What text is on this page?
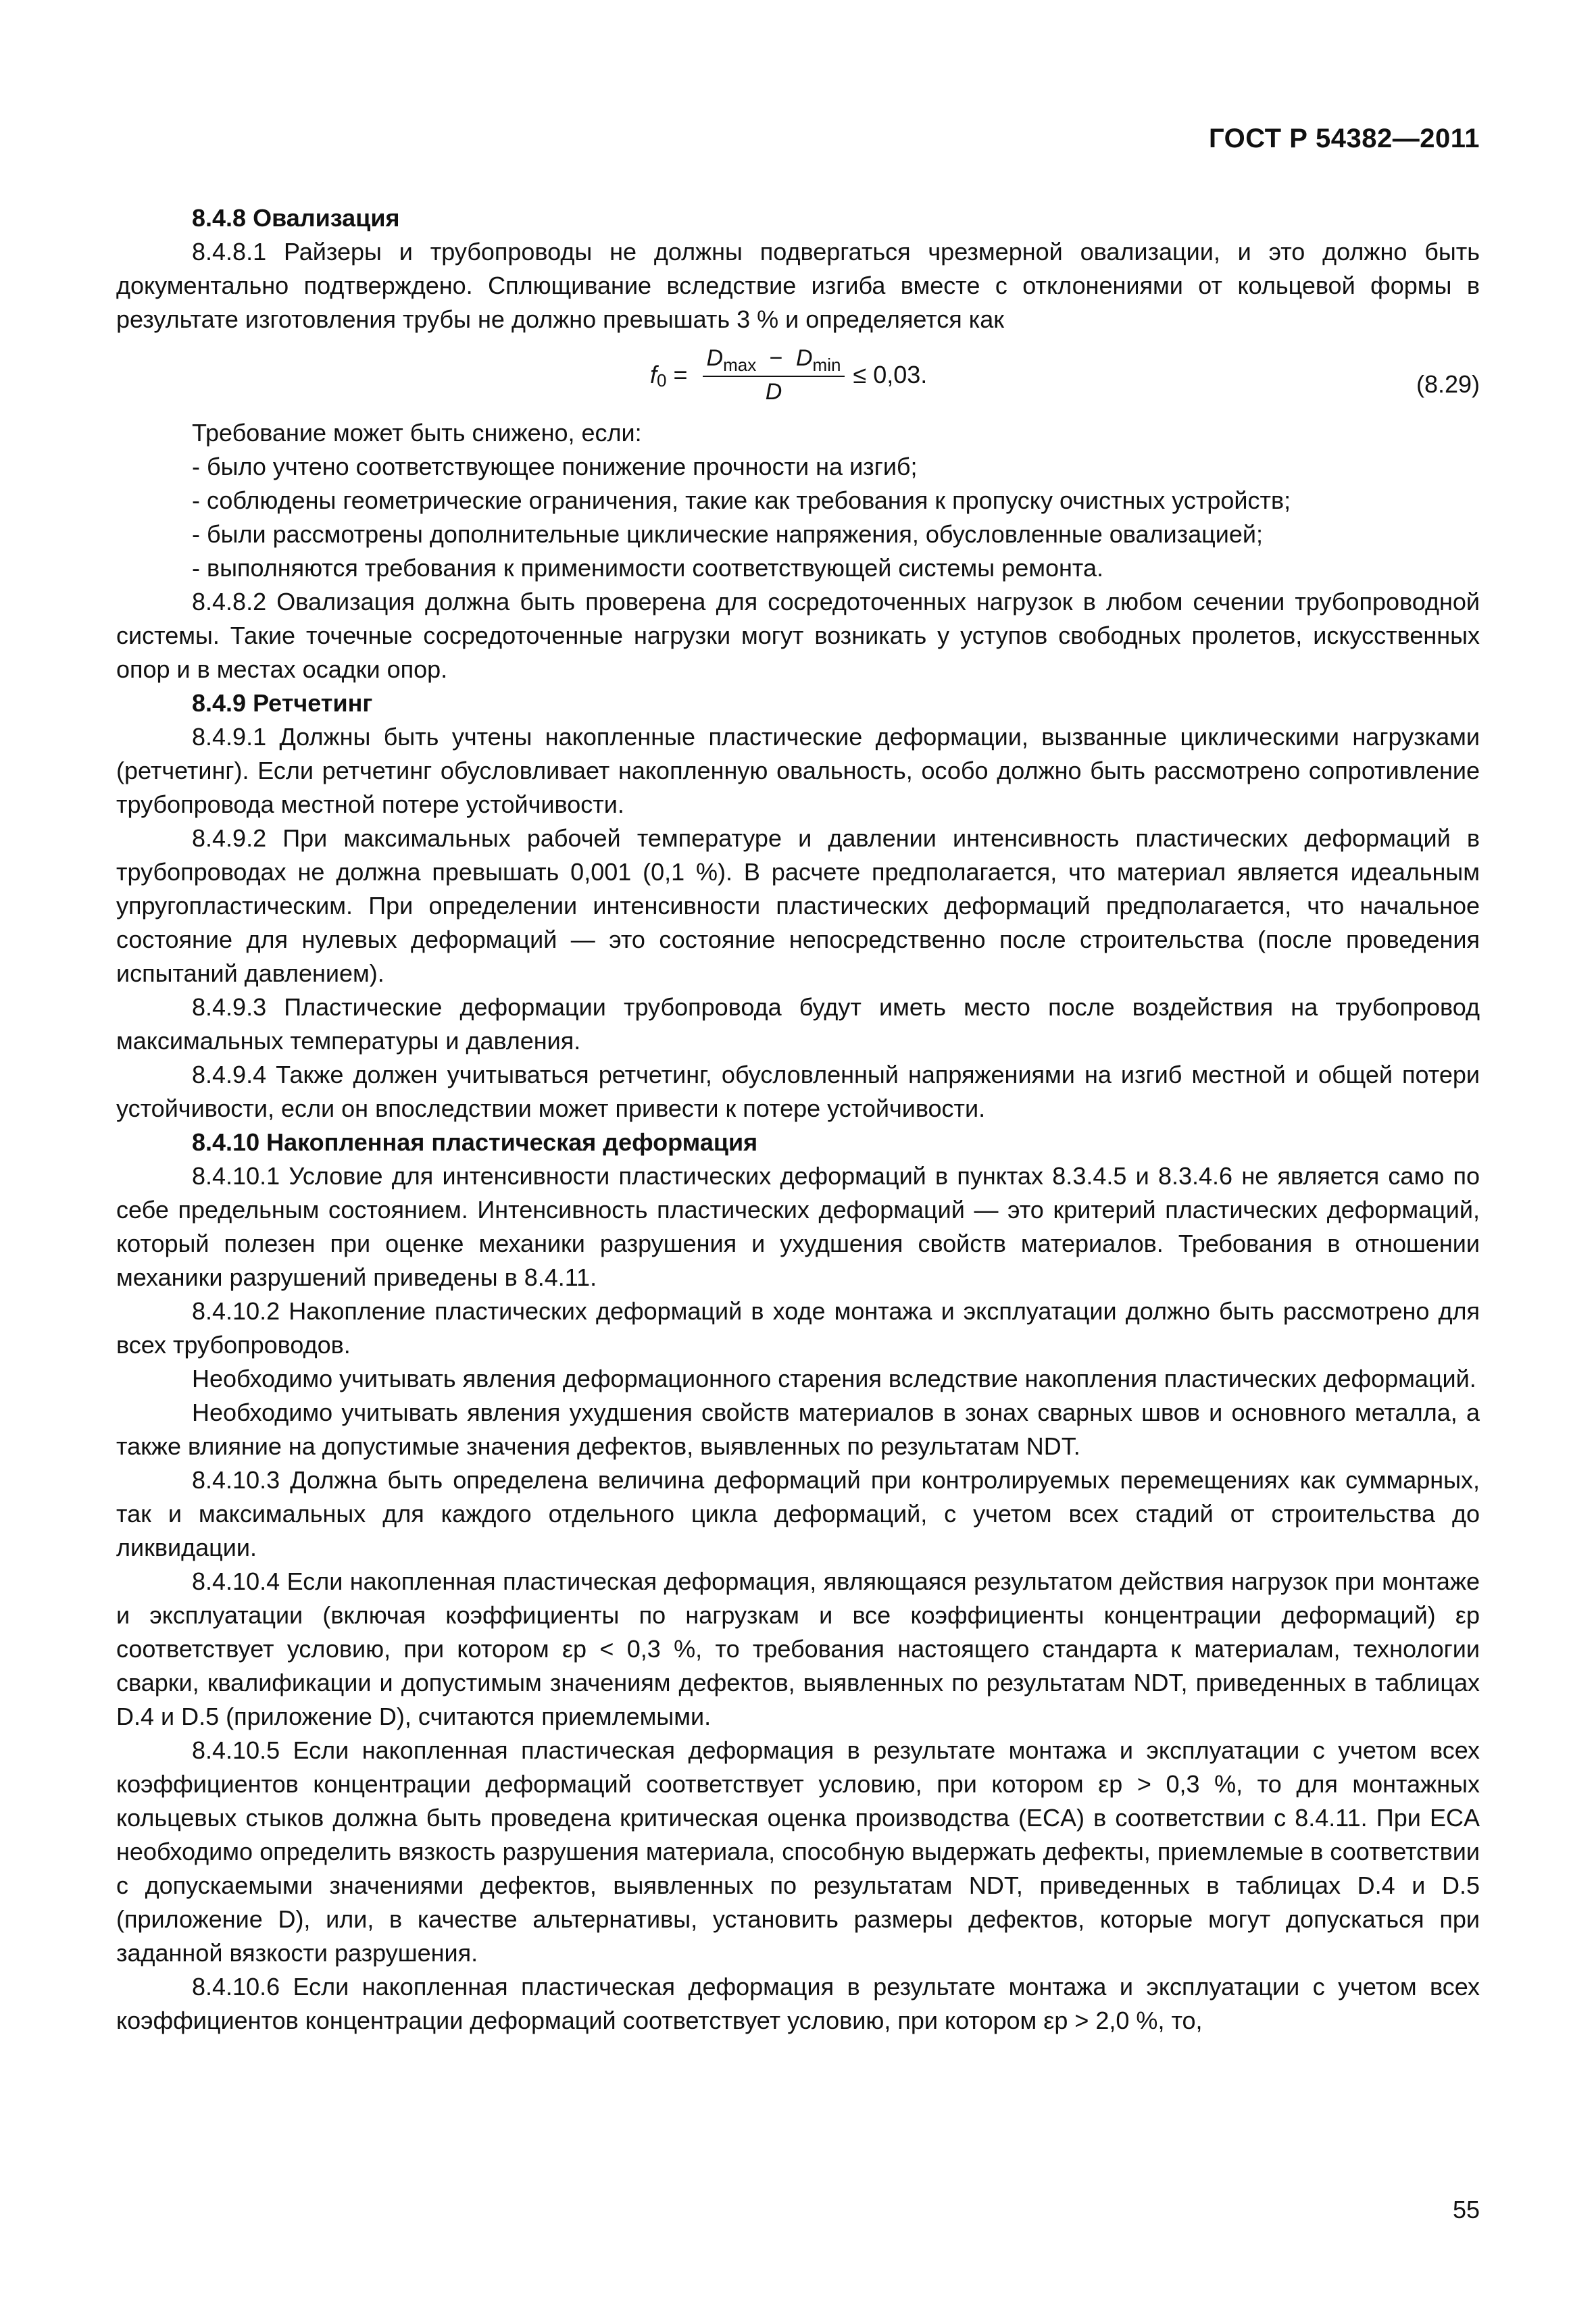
ГОСТ Р 54382—2011
8.4.8 Овализация

8.4.8.1 Райзеры и трубопроводы не должны подвергаться чрезмерной овализации, и это должно быть документально подтверждено. Сплющивание вследствие изгиба вместе с отклонениями от кольцевой формы в результате изготовления трубы не должно превышать 3 % и определяется как

f $0 = \frac{D_{max} - D_{min}}{D} \le 0,03$.	(8.29)

Требование может быть снижено, если:

- было учтено соответствующее понижение прочности на изгиб;

- соблюдены геометрические ограничения, такие как требования к пропуску очистных устройств;

- были рассмотрены дополнительные циклические напряжения, обусловленные овализацией;

- выполняются требования к применимости соответствующей системы ремонта.

8.4.8.2 Овализация должна быть проверена для сосредоточенных нагрузок в любом сечении трубопроводной системы. Такие точечные сосредоточенные нагрузки могут возникать у уступов свободных пролетов, искусственных опор и в местах осадки опор.

8.4.9 Ретчетинг

8.4.9.1 Должны быть учтены накопленные пластические деформации, вызванные циклическими нагрузками (ретчетинг). Если ретчетинг обусловливает накопленную овальность, особо должно быть рассмотрено сопротивление трубопровода местной потере устойчивости.

8.4.9.2 При максимальных рабочей температуре и давлении интенсивность пластических деформаций в трубопроводах не должна превышать 0,001 (0,1 %). В расчете предполагается, что материал является идеальным упругопластическим. При определении интенсивности пластических деформаций предполагается, что начальное состояние для нулевых деформаций — это состояние непосредственно после строительства (после проведения испытаний давлением).

8.4.9.3 Пластические деформации трубопровода будут иметь место после воздействия на трубопровод максимальных температуры и давления.

8.4.9.4 Также должен учитываться ретчетинг, обусловленный напряжениями на изгиб местной и общей потери устойчивости, если он впоследствии может привести к потере устойчивости.

8.4.10 Накопленная пластическая деформация

8.4.10.1 Условие для интенсивности пластических деформаций в пунктах 8.3.4.5 и 8.3.4.6 не является само по себе предельным состоянием. Интенсивность пластических деформаций — это критерий пластических деформаций, который полезен при оценке механики разрушения и ухудшения свойств материалов. Требования в отношении механики разрушений приведены в 8.4.11.

8.4.10.2 Накопление пластических деформаций в ходе монтажа и эксплуатации должно быть рассмотрено для всех трубопроводов.

Необходимо учитывать явления деформационного старения вследствие накопления пластических деформаций.

Необходимо учитывать явления ухудшения свойств материалов в зонах сварных швов и основного металла, а также влияние на допустимые значения дефектов, выявленных по результатам NDT.

8.4.10.3 Должна быть определена величина деформаций при контролируемых перемещениях как суммарных, так и максимальных для каждого отдельного цикла деформаций, с учетом всех стадий от строительства до ликвидации.

8.4.10.4 Если накопленная пластическая деформация, являющаяся результатом действия нагрузок при монтаже и эксплуатации (включая коэффициенты по нагрузкам и все коэффициенты концентрации деформаций) εp соответствует условию, при котором εp < 0,3 %, то требования настоящего стандарта к материалам, технологии сварки, квалификации и допустимым значениям дефектов, выявленных по результатам NDT, приведенных в таблицах D.4 и D.5 (приложение D), считаются приемлемыми.

8.4.10.5 Если накопленная пластическая деформация в результате монтажа и эксплуатации с учетом всех коэффициентов концентрации деформаций соответствует условию, при котором εp > 0,3 %, то для монтажных кольцевых стыков должна быть проведена критическая оценка производства (ECA) в соответствии с 8.4.11. При ECA необходимо определить вязкость разрушения материала, способную выдержать дефекты, приемлемые в соответствии с допускаемыми значениями дефектов, выявленных по результатам NDT, приведенных в таблицах D.4 и D.5 (приложение D), или, в качестве альтернативы, установить размеры дефектов, которые могут допускаться при заданной вязкости разрушения.

8.4.10.6 Если накопленная пластическая деформация в результате монтажа и эксплуатации с учетом всех коэффициентов концентрации деформаций соответствует условию, при котором εp > 2,0 %, то,

55
